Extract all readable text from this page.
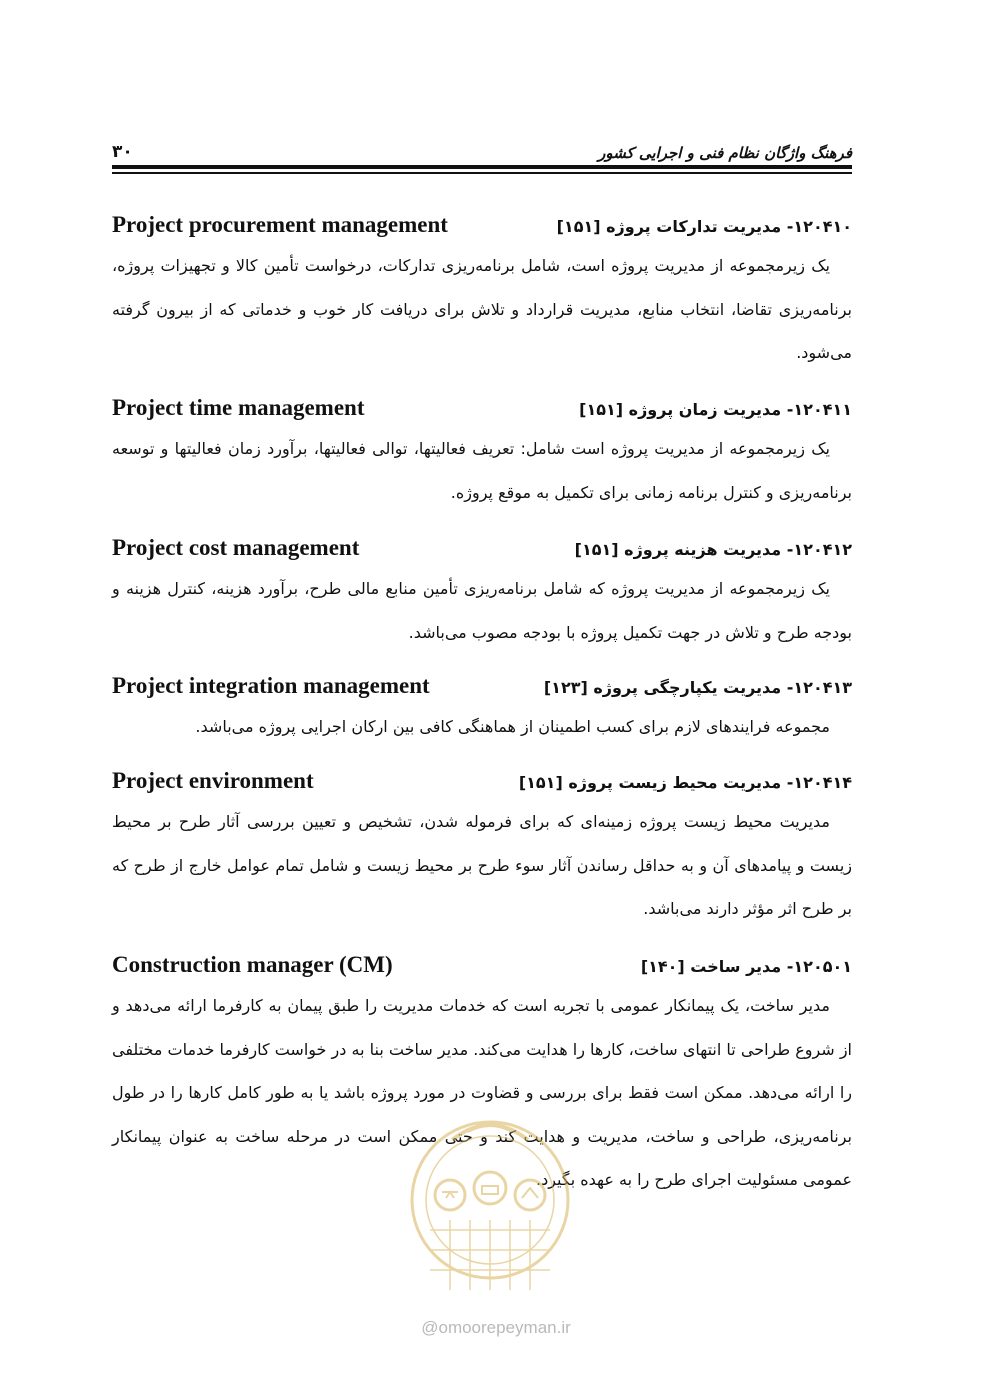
۳۰	فرهنگ واژگان نظام فنی و اجرایی کشور
Project procurement management	۱۲۰۴۱۰- مدیریت تدارکات پروژه [۱۵۱]

یک زیرمجموعه از مدیریت پروژه است، شامل برنامه‌ریزی تدارکات، درخواست تأمین کالا و تجهیزات پروژه، برنامه‌ریزی تقاضا، انتخاب منابع، مدیریت قرارداد و تلاش برای دریافت کار خوب و خدماتی که از بیرون گرفته می‌شود.

Project time management	۱۲۰۴۱۱- مدیریت زمان پروژه [۱۵۱]

یک زیرمجموعه از مدیریت پروژه است شامل: تعریف فعالیتها، توالی فعالیتها، برآورد زمان فعالیتها و توسعه برنامه‌ریزی و کنترل برنامه زمانی برای تکمیل به موقع پروژه.

Project cost management	۱۲۰۴۱۲- مدیریت هزینه پروژه [۱۵۱]

یک زیرمجموعه از مدیریت پروژه که شامل برنامه‌ریزی تأمین منابع مالی طرح، برآورد هزینه، کنترل هزینه و بودجه طرح و تلاش در جهت تکمیل پروژه با بودجه مصوب می‌باشد.

Project integration management	۱۲۰۴۱۳- مدیریت یکپارچگی پروژه [۱۲۳]

مجموعه فرایندهای لازم برای کسب اطمینان از هماهنگی کافی بین ارکان اجرایی پروژه می‌باشد.

Project environment	۱۲۰۴۱۴- مدیریت محیط زیست پروژه [۱۵۱]

مدیریت محیط زیست پروژه زمینه‌ای که برای فرموله شدن، تشخیص و تعیین بررسی آثار طرح بر محیط زیست و پیامدهای آن و به حداقل رساندن آثار سوء طرح بر محیط زیست و شامل تمام عوامل خارج از طرح که بر طرح اثر مؤثر دارند می‌باشد.

Construction manager (CM)	۱۲۰۵۰۱- مدیر ساخت [۱۴۰]

مدیر ساخت، یک پیمانکار عمومی با تجربه است که خدمات مدیریت را طبق پیمان به کارفرما ارائه می‌دهد و از شروع طراحی تا انتهای ساخت، کارها را هدایت می‌کند. مدیر ساخت بنا به در خواست کارفرما خدمات مختلفی را ارائه می‌دهد. ممکن است فقط برای بررسی و قضاوت در مورد پروژه باشد یا به طور کامل کارها را در طول برنامه‌ریزی، طراحی و ساخت، مدیریت و هدایت کند و حتی ممکن است در مرحله ساخت به عنوان پیمانکار عمومی مسئولیت اجرای طرح را به عهده بگیرد.

@omoorepeyman.ir
